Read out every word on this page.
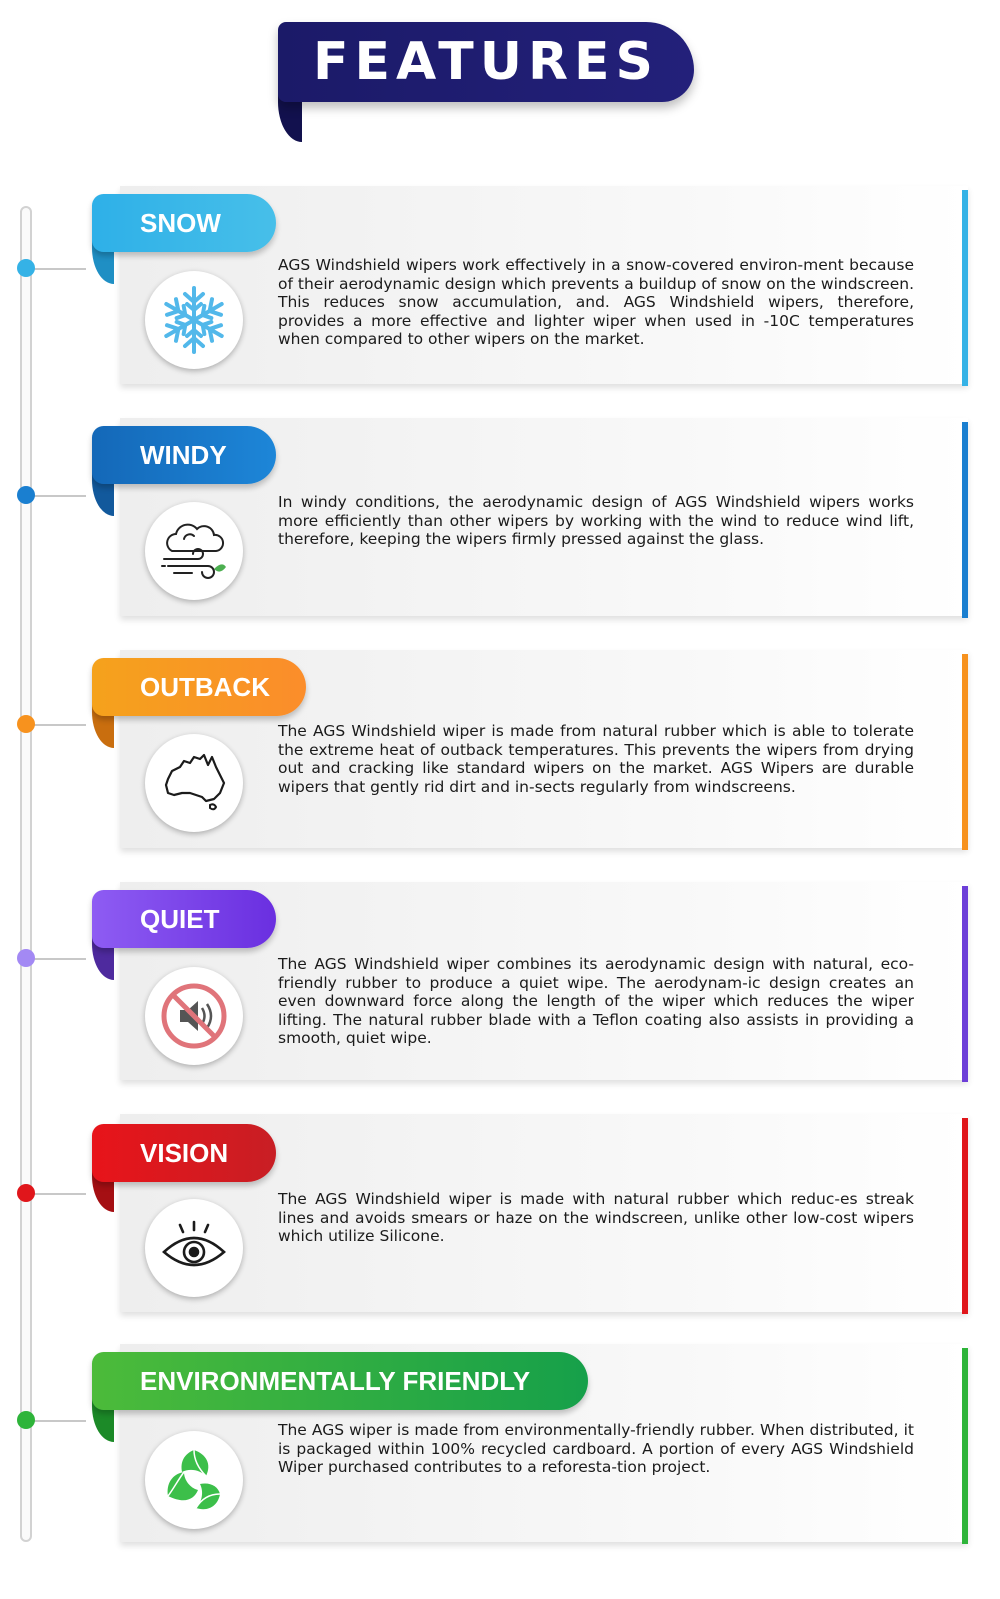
FEATURES
AGS Windshield wipers work effectively in a snow-covered environ-ment because of their aerodynamic design which prevents a buildup of snow on the windscreen. This reduces snow accumulation, and. AGS Windshield wipers, therefore, provides a more effective and lighter wiper when used in -10C temperatures when compared to other wipers on the market.
SNOW
In windy conditions, the aerodynamic design of AGS Windshield wipers works more efficiently than other wipers by working with the wind to reduce wind lift, therefore, keeping the wipers firmly pressed against the glass.
WINDY
The AGS Windshield wiper is made from natural rubber which is able to tolerate the extreme heat of outback temperatures. This prevents the wipers from drying out and cracking like standard wipers on the market. AGS Wipers are durable wipers that gently rid dirt and in-sects regularly from windscreens.
OUTBACK
The AGS Windshield wiper combines its aerodynamic design with natural, eco-friendly rubber to produce a quiet wipe. The aerodynam-ic design creates an even downward force along the length of the wiper which reduces the wiper lifting. The natural rubber blade with a Teflon coating also assists in providing a smooth, quiet wipe.
QUIET
The AGS Windshield wiper is made with natural rubber which reduc-es streak lines and avoids smears or haze on the windscreen, unlike other low-cost wipers which utilize Silicone.
VISION
The AGS wiper is made from environmentally-friendly rubber. When distributed, it is packaged within 100% recycled cardboard. A portion of every AGS Windshield Wiper purchased contributes to a reforesta-tion project.
ENVIRONMENTALLY FRIENDLY
